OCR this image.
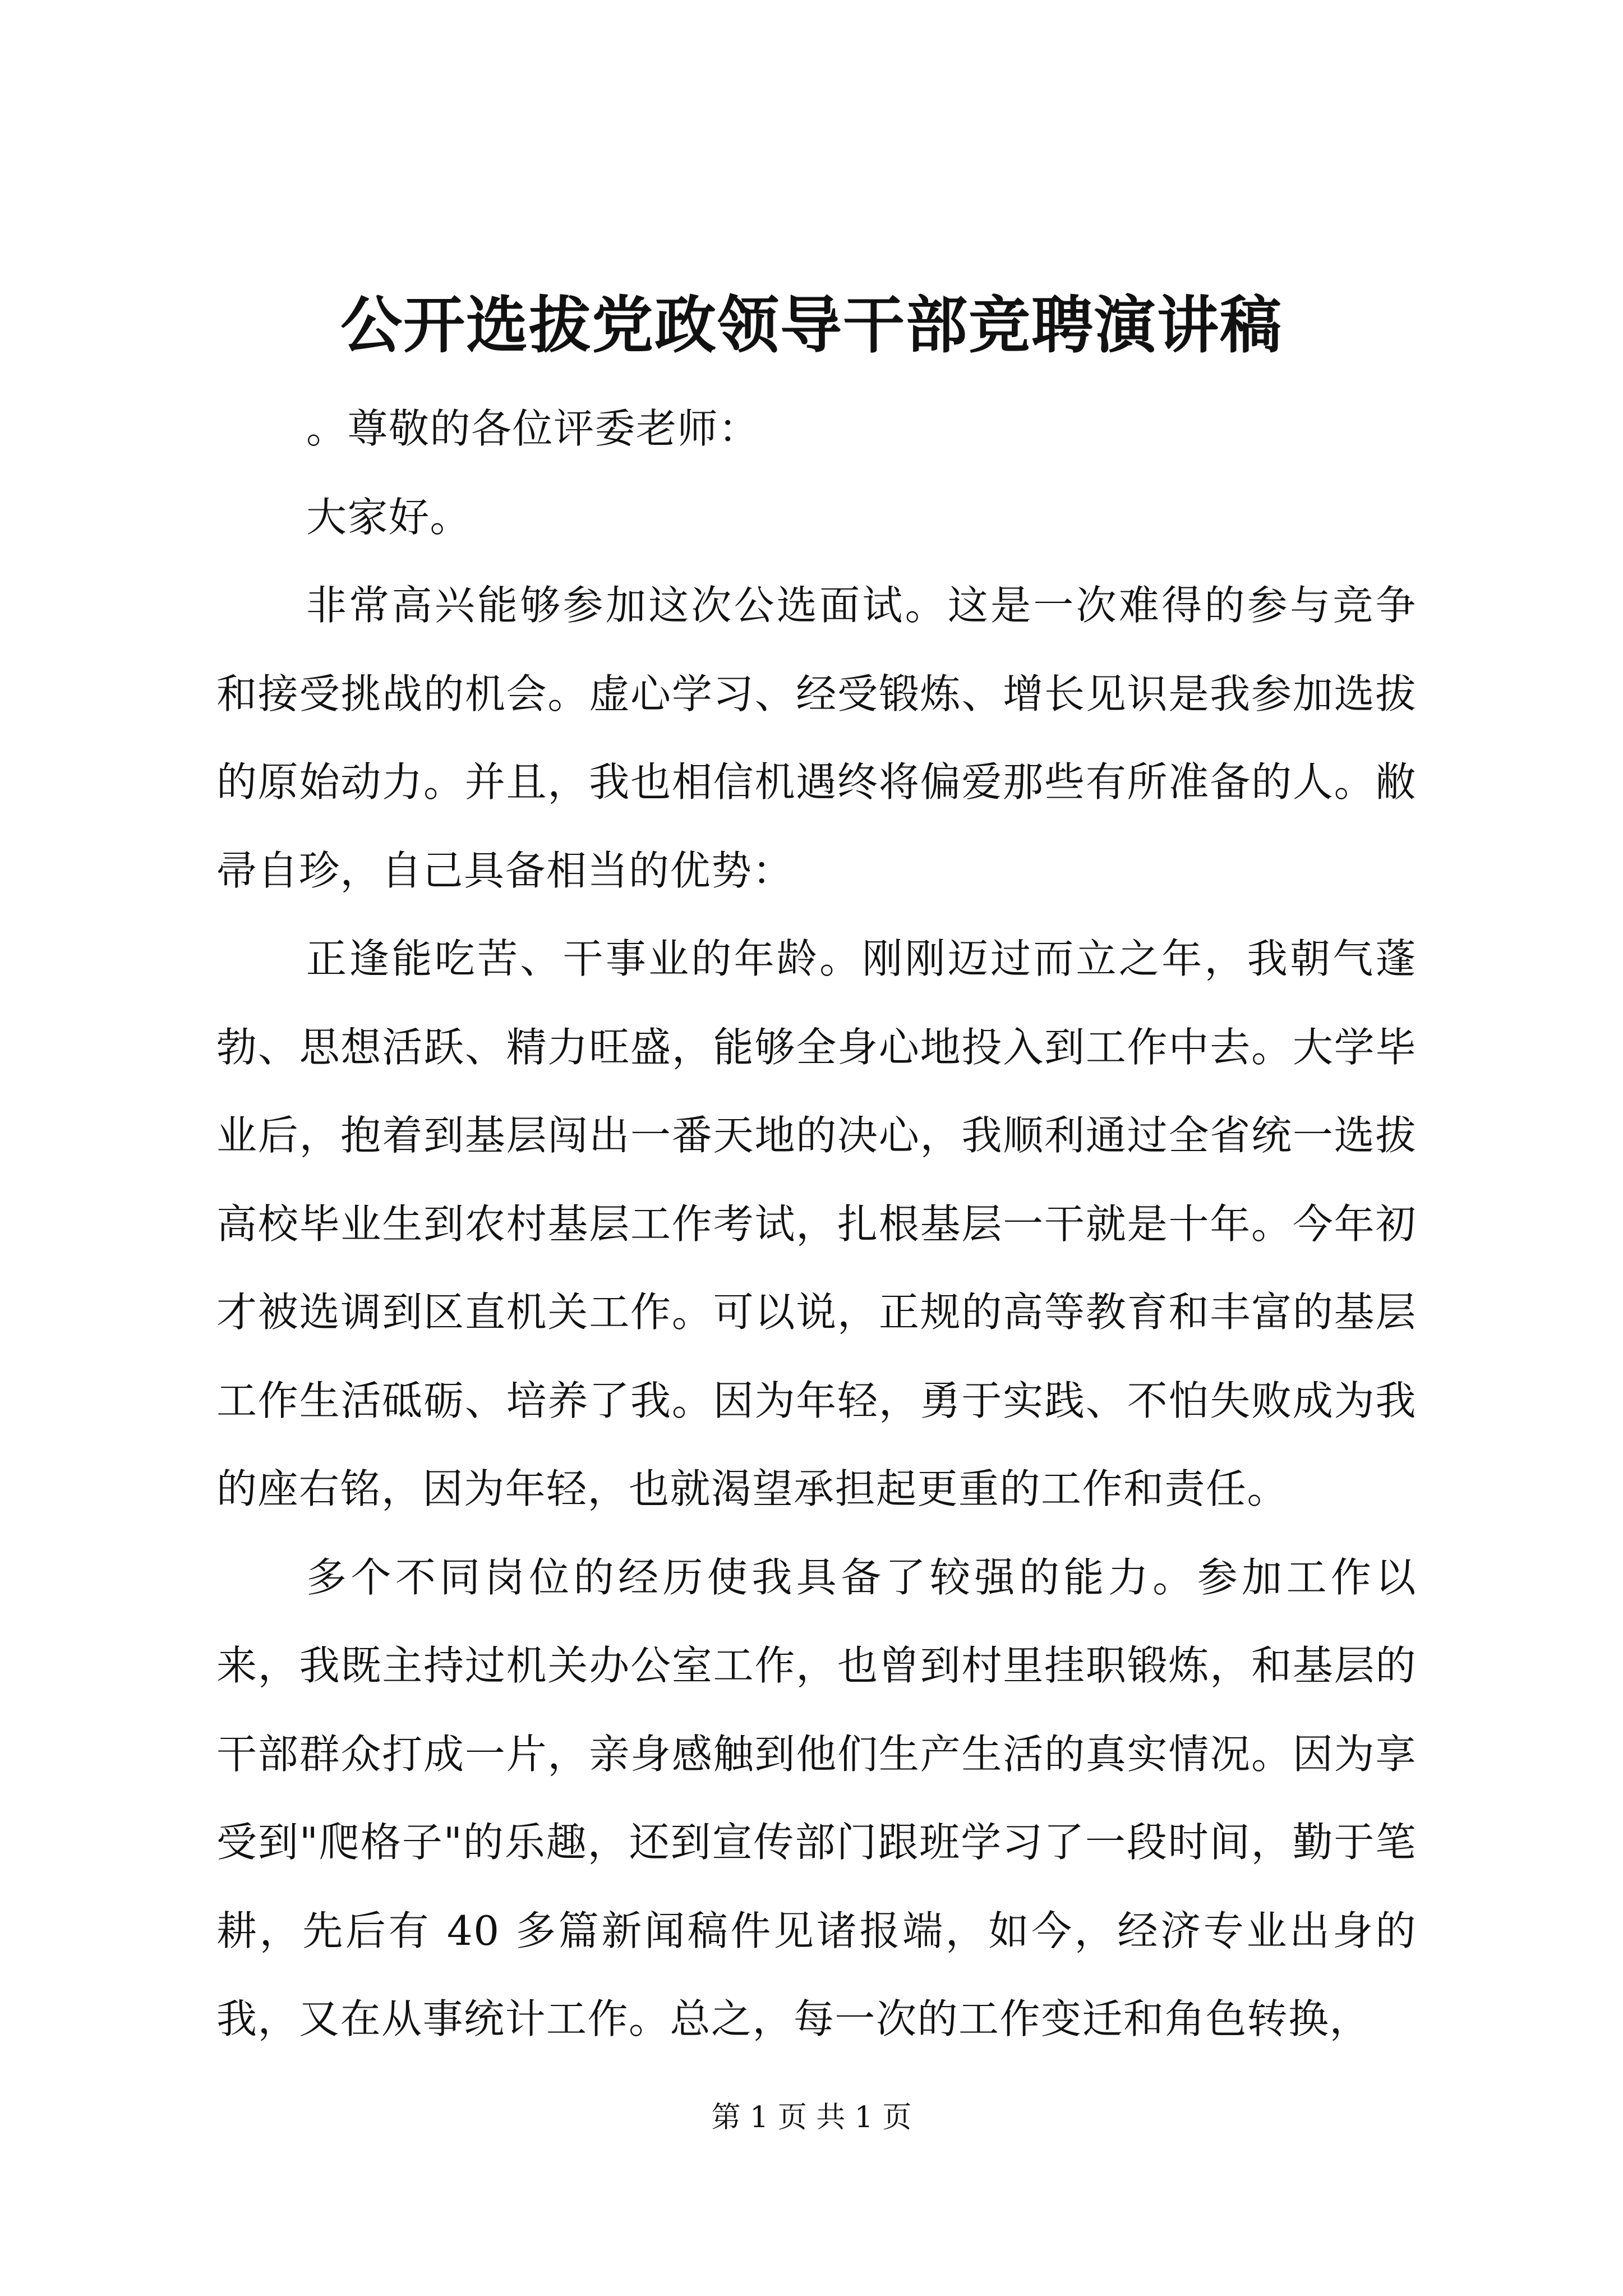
公开选拔党政领导干部竞聘演讲稿

。尊敬的各位评委老师：

大家好。

非常高兴能够参加这次公选面试。这是一次难得的参与竞争和接受挑战的机会。虚心学习、经受锻炼、增长见识是我参加选拔的原始动力。并且，我也相信机遇终将偏爱那些有所准备的人。敝帚自珍，自己具备相当的优势：

正逢能吃苦、干事业的年龄。刚刚迈过而立之年，我朝气蓬勃、思想活跃、精力旺盛，能够全身心地投入到工作中去。大学毕业后，抱着到基层闯出一番天地的决心，我顺利通过全省统一选拔高校毕业生到农村基层工作考试，扎根基层一干就是十年。今年初才被选调到区直机关工作。可以说，正规的高等教育和丰富的基层工作生活砥砺、培养了我。因为年轻，勇于实践、不怕失败成为我的座右铭，因为年轻，也就渴望承担起更重的工作和责任。

多个不同岗位的经历使我具备了较强的能力。参加工作以来，我既主持过机关办公室工作，也曾到村里挂职锻炼，和基层的干部群众打成一片，亲身感触到他们生产生活的真实情况。因为享受到"爬格子"的乐趣，还到宣传部门跟班学习了一段时间，勤于笔耕，先后有 40 多篇新闻稿件见诸报端，如今，经济专业出身的我，又在从事统计工作。总之，每一次的工作变迁和角色转换，

第 1 页 共 1 页
